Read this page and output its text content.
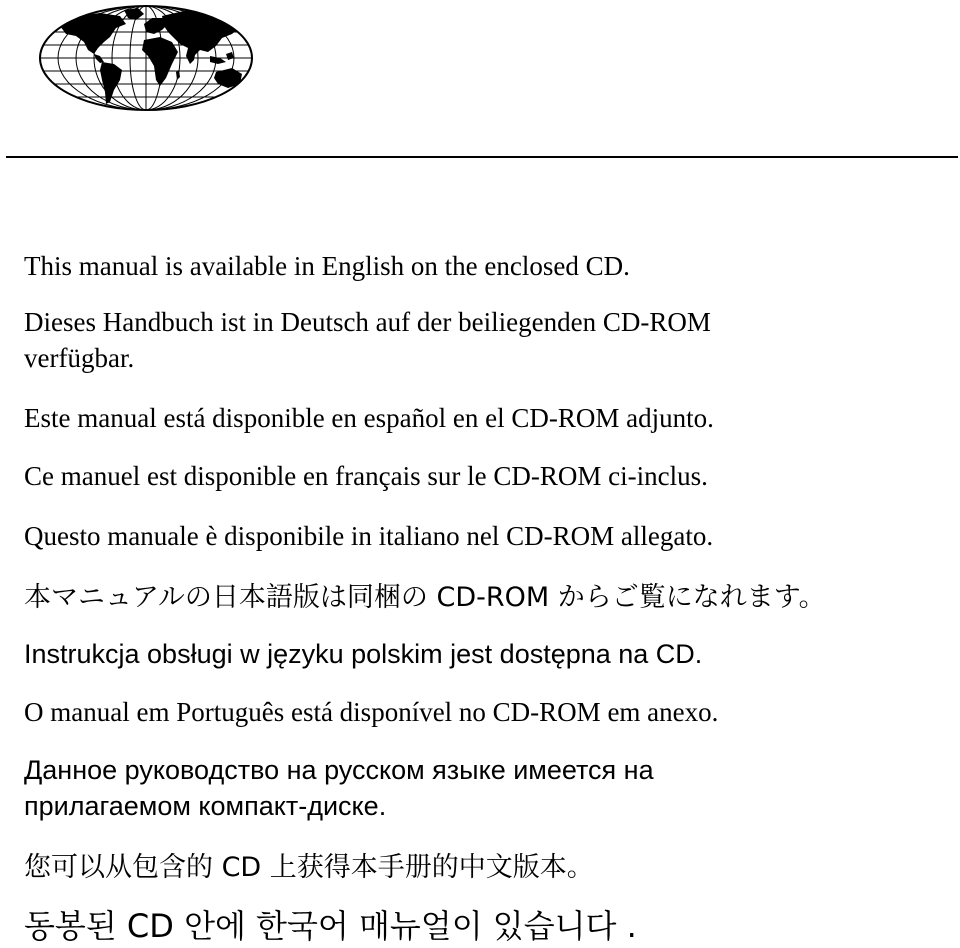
This manual is available in English on the enclosed CD.

Dieses Handbuch ist in Deutsch auf der beiliegenden CD-ROM

verfügbar.

Este manual está disponible en español en el CD-ROM adjunto.

Ce manuel est disponible en français sur le CD-ROM ci-inclus.

Questo manuale è disponibile in italiano nel CD-ROM allegato.

本マニュアルの日本語版は同梱の CD-ROM からご覧になれます。

Instrukcja obsługi w języku polskim jest dostępna na CD.

O manual em Português está disponível no CD-ROM em anexo.

Данное руководство на русском языке имеется на

прилагаемом компакт-диске.

您可以从包含的 CD 上获得本手册的中文版本。

동봉된 CD 안에 한국어 매뉴얼이 있습니다 .
